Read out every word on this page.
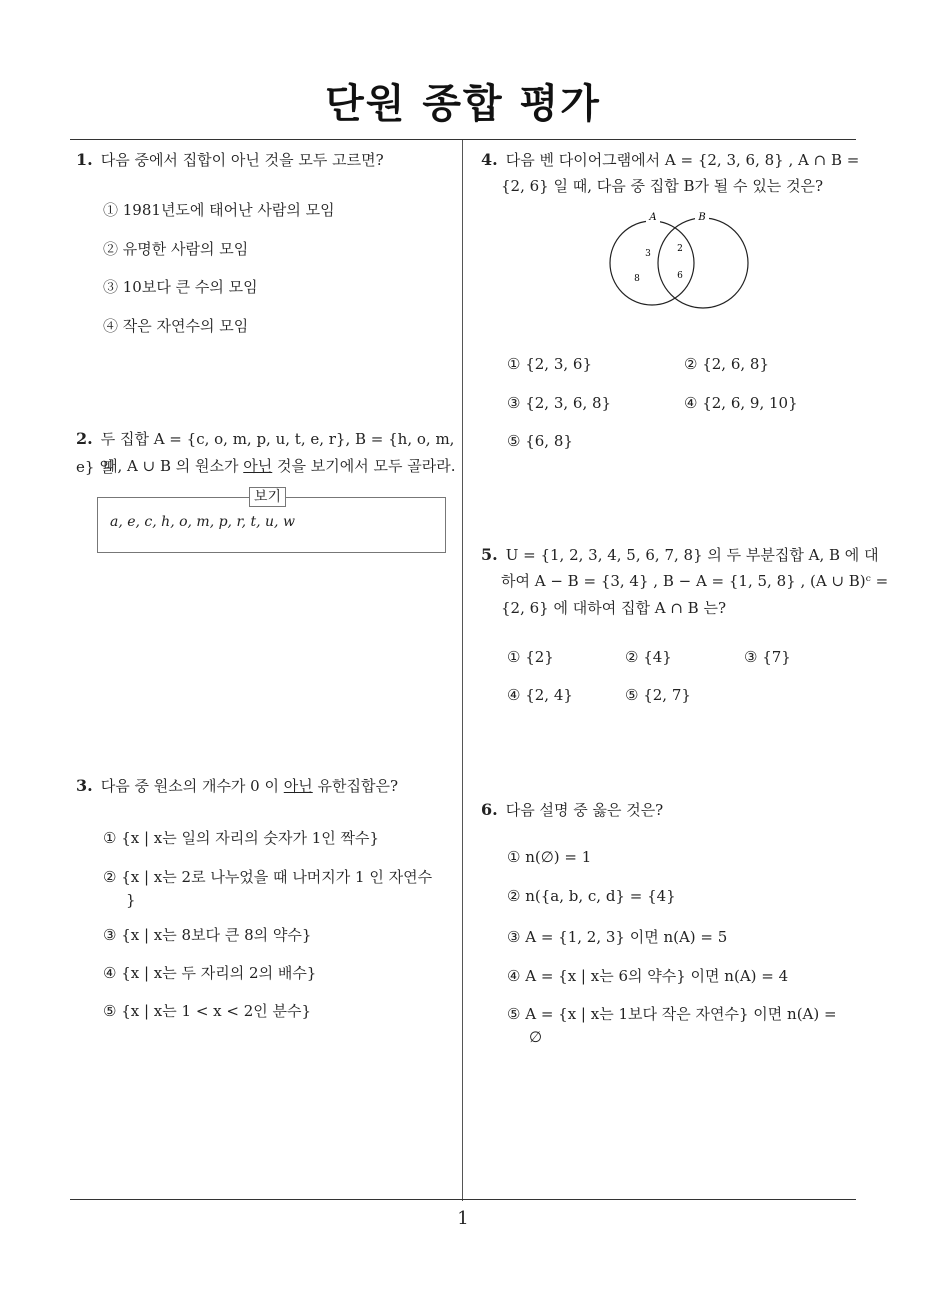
단원 종합 평가
1. 다음 중에서 집합이 아닌 것을 모두 고르면?
① 1981년도에 태어난 사람의 모임
② 유명한 사람의 모임
③ 10보다 큰 수의 모임
④ 작은 자연수의 모임
2. 두 집합 A = {c, o, m, p, u, t, e, r}, B = {h, o, m, e} 일
때, A ∪ B 의 원소가 아닌 것을 보기에서 모두 골라라.
보기
a, e, c, h, o, m, p, r, t, u, w
3. 다음 중 원소의 개수가 0 이 아닌 유한집합은?
① {x | x는 일의 자리의 숫자가 1인 짝수}
② {x | x는 2로 나누었을 때 나머지가 1 인 자연수
}
③ {x | x는 8보다 큰 8의 약수}
④ {x | x는 두 자리의 2의 배수}
⑤ {x | x는 1 < x < 2인 분수}
4. 다음 벤 다이어그램에서 A = {2, 3, 6, 8} , A ∩ B =
{2, 6} 일 때, 다음 중 집합 B가 될 수 있는 것은?
A	B
3
8
2
6
① {2, 3, 6}	② {2, 6, 8}
③ {2, 3, 6, 8}	④ {2, 6, 9, 10}
⑤ {6, 8}
5. U = {1, 2, 3, 4, 5, 6, 7, 8} 의 두 부분집합 A, B 에 대
하여 A − B = {3, 4} , B − A = {1, 5, 8} , (A ∪ B)ᶜ =
{2, 6} 에 대하여 집합 A ∩ B 는?
① {2}	② {4}	③ {7}
④ {2, 4}	⑤ {2, 7}
6. 다음 설명 중 옳은 것은?
① n(∅) = 1
② n({a, b, c, d} = {4}
③ A = {1, 2, 3} 이면 n(A) = 5
④ A = {x | x는 6의 약수} 이면 n(A) = 4
⑤ A = {x | x는 1보다 작은 자연수} 이면 n(A) =
∅
1
